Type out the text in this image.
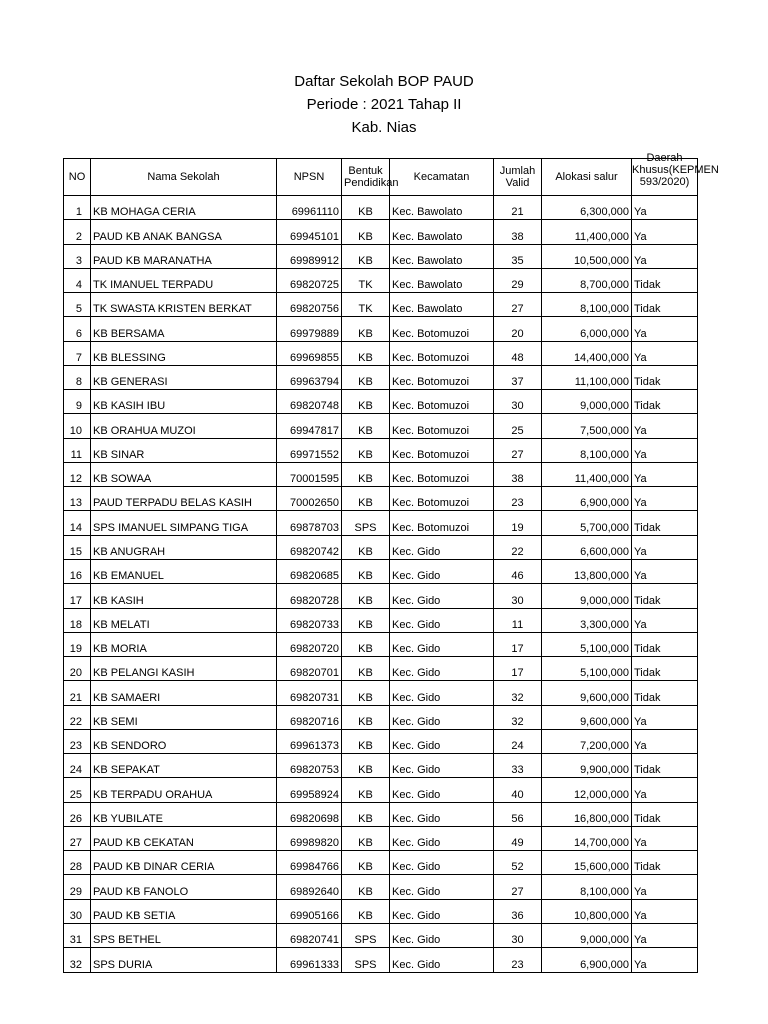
Daftar Sekolah BOP PAUD
Periode : 2021 Tahap II
Kab. Nias
NO	Nama Sekolah	NPSN	Bentuk Pendidikan	Kecamatan	Jumlah Valid	Alokasi salur	Daerah Khusus(KEPMEN 593/2020)

1	KB MOHAGA CERIA	69961110	KB	Kec. Bawolato	21	6,300,000	Ya
2	PAUD KB ANAK BANGSA	69945101	KB	Kec. Bawolato	38	11,400,000	Ya
3	PAUD KB MARANATHA	69989912	KB	Kec. Bawolato	35	10,500,000	Ya
4	TK IMANUEL TERPADU	69820725	TK	Kec. Bawolato	29	8,700,000	Tidak
5	TK SWASTA KRISTEN BERKAT	69820756	TK	Kec. Bawolato	27	8,100,000	Tidak
6	KB BERSAMA	69979889	KB	Kec. Botomuzoi	20	6,000,000	Ya
7	KB BLESSING	69969855	KB	Kec. Botomuzoi	48	14,400,000	Ya
8	KB GENERASI	69963794	KB	Kec. Botomuzoi	37	11,100,000	Tidak
9	KB KASIH IBU	69820748	KB	Kec. Botomuzoi	30	9,000,000	Tidak
10	KB ORAHUA MUZOI	69947817	KB	Kec. Botomuzoi	25	7,500,000	Ya
11	KB SINAR	69971552	KB	Kec. Botomuzoi	27	8,100,000	Ya
12	KB SOWAA	70001595	KB	Kec. Botomuzoi	38	11,400,000	Ya
13	PAUD TERPADU BELAS KASIH	70002650	KB	Kec. Botomuzoi	23	6,900,000	Ya
14	SPS IMANUEL SIMPANG TIGA	69878703	SPS	Kec. Botomuzoi	19	5,700,000	Tidak
15	KB ANUGRAH	69820742	KB	Kec. Gido	22	6,600,000	Ya
16	KB EMANUEL	69820685	KB	Kec. Gido	46	13,800,000	Ya
17	KB KASIH	69820728	KB	Kec. Gido	30	9,000,000	Tidak
18	KB MELATI	69820733	KB	Kec. Gido	11	3,300,000	Ya
19	KB MORIA	69820720	KB	Kec. Gido	17	5,100,000	Tidak
20	KB PELANGI KASIH	69820701	KB	Kec. Gido	17	5,100,000	Tidak
21	KB SAMAERI	69820731	KB	Kec. Gido	32	9,600,000	Tidak
22	KB SEMI	69820716	KB	Kec. Gido	32	9,600,000	Ya
23	KB SENDORO	69961373	KB	Kec. Gido	24	7,200,000	Ya
24	KB SEPAKAT	69820753	KB	Kec. Gido	33	9,900,000	Tidak
25	KB TERPADU ORAHUA	69958924	KB	Kec. Gido	40	12,000,000	Ya
26	KB YUBILATE	69820698	KB	Kec. Gido	56	16,800,000	Tidak
27	PAUD KB CEKATAN	69989820	KB	Kec. Gido	49	14,700,000	Ya
28	PAUD KB DINAR CERIA	69984766	KB	Kec. Gido	52	15,600,000	Tidak
29	PAUD KB FANOLO	69892640	KB	Kec. Gido	27	8,100,000	Ya
30	PAUD KB SETIA	69905166	KB	Kec. Gido	36	10,800,000	Ya
31	SPS BETHEL	69820741	SPS	Kec. Gido	30	9,000,000	Ya
32	SPS DURIA	69961333	SPS	Kec. Gido	23	6,900,000	Ya
